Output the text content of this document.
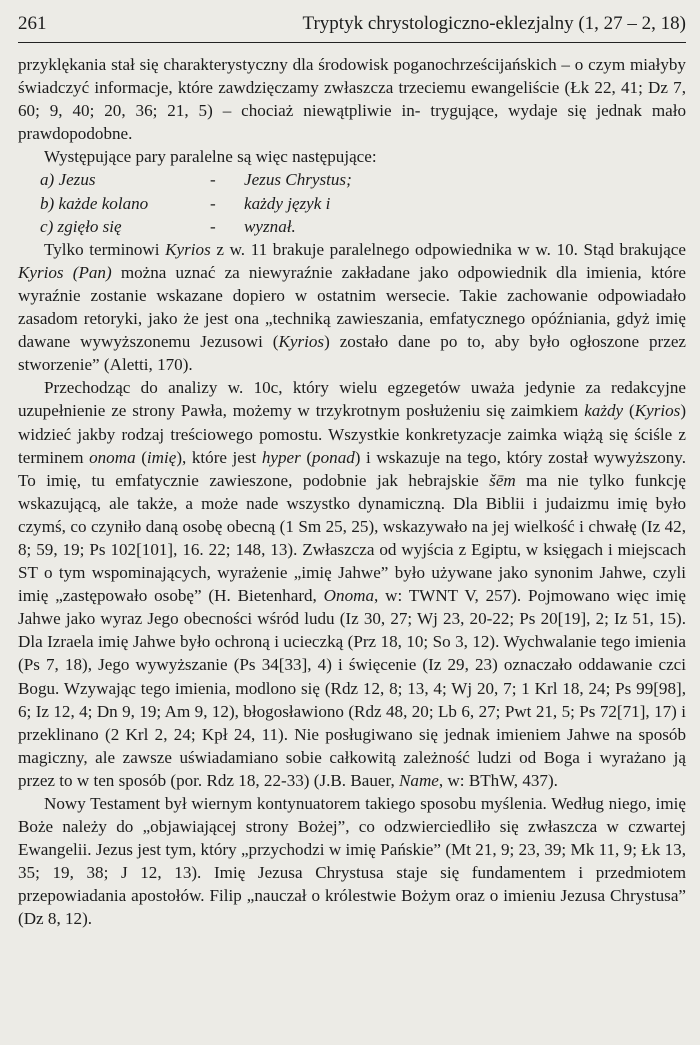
261	Tryptyk chrystologiczno-eklezjalny (1, 27 – 2, 18)

przyklękania stał się charakterystyczny dla środowisk poganochrześcijańskich – o czym miałyby świadczyć informacje, które zawdzięczamy zwłaszcza trzeciemu ewangeliście (Łk 22, 41; Dz 7, 60; 9, 40; 20, 36; 21, 5) – chociaż niewątpliwie in- trygujące, wydaje się jednak mało prawdopodobne.

Występujące pary paralelne są więc następujące:

a) Jezus	-	Jezus Chrystus;
b) każde kolano	-	każdy język i
c) zgięło się	-	wyznał.

Tylko terminowi Kyrios z w. 11 brakuje paralelnego odpowiednika w w. 10. Stąd brakujące Kyrios (Pan) można uznać za niewyraźnie zakładane jako odpowiednik dla imienia, które wyraźnie zostanie wskazane dopiero w ostatnim wersecie. Takie zachowanie odpowiadało zasadom retoryki, jako że jest ona „techniką zawieszania, emfatycznego opóźniania, gdyż imię dawane wywyższonemu Jezusowi (Kyrios) zostało dane po to, aby było ogłoszone przez stworzenie” (Aletti, 170).

Przechodząc do analizy w. 10c, który wielu egzegetów uważa jedynie za redakcyjne uzupełnienie ze strony Pawła, możemy w trzykrotnym posłużeniu się zaimkiem każdy (Kyrios) widzieć jakby rodzaj treściowego pomostu. Wszystkie konkretyzacje zaimka wiążą się ściśle z terminem onoma (imię), które jest hyper (ponad) i wskazuje na tego, który został wywyższony. To imię, tu emfatycznie zawieszone, podobnie jak hebrajskie šēm ma nie tylko funkcję wskazującą, ale także, a może nade wszystko dynamiczną. Dla Biblii i judaizmu imię było czymś, co czyniło daną osobę obecną (1 Sm 25, 25), wskazywało na jej wielkość i chwałę (Iz 42, 8; 59, 19; Ps 102[101], 16. 22; 148, 13). Zwłaszcza od wyjścia z Egiptu, w księgach i miejscach ST o tym wspominających, wyrażenie „imię Jahwe” było używane jako synonim Jahwe, czyli imię „zastępowało osobę” (H. Bietenhard, Onoma, w: TWNT V, 257). Pojmowano więc imię Jahwe jako wyraz Jego obecności wśród ludu (Iz 30, 27; Wj 23, 20-22; Ps 20[19], 2; Iz 51, 15). Dla Izraela imię Jahwe było ochroną i ucieczką (Prz 18, 10; So 3, 12). Wychwalanie tego imienia (Ps 7, 18), Jego wywyższanie (Ps 34[33], 4) i święcenie (Iz 29, 23) oznaczało oddawanie czci Bogu. Wzywając tego imienia, modlono się (Rdz 12, 8; 13, 4; Wj 20, 7; 1 Krl 18, 24; Ps 99[98], 6; Iz 12, 4; Dn 9, 19; Am 9, 12), błogosławiono (Rdz 48, 20; Lb 6, 27; Pwt 21, 5; Ps 72[71], 17) i przeklinano (2 Krl 2, 24; Kpł 24, 11). Nie posługiwano się jednak imieniem Jahwe na sposób magiczny, ale zawsze uświadamiano sobie całkowitą zależność ludzi od Boga i wyrażano ją przez to w ten sposób (por. Rdz 18, 22-33) (J.B. Bauer, Name, w: BThW, 437).

Nowy Testament był wiernym kontynuatorem takiego sposobu myślenia. Według niego, imię Boże należy do „objawiającej strony Bożej”, co odzwierciedliło się zwłaszcza w czwartej Ewangelii. Jezus jest tym, który „przychodzi w imię Pańskie” (Mt 21, 9; 23, 39; Mk 11, 9; Łk 13, 35; 19, 38; J 12, 13). Imię Jezusa Chrystusa staje się fundamentem i przedmiotem przepowiadania apostołów. Filip „nauczał o królestwie Bożym oraz o imieniu Jezusa Chrystusa” (Dz 8, 12).
